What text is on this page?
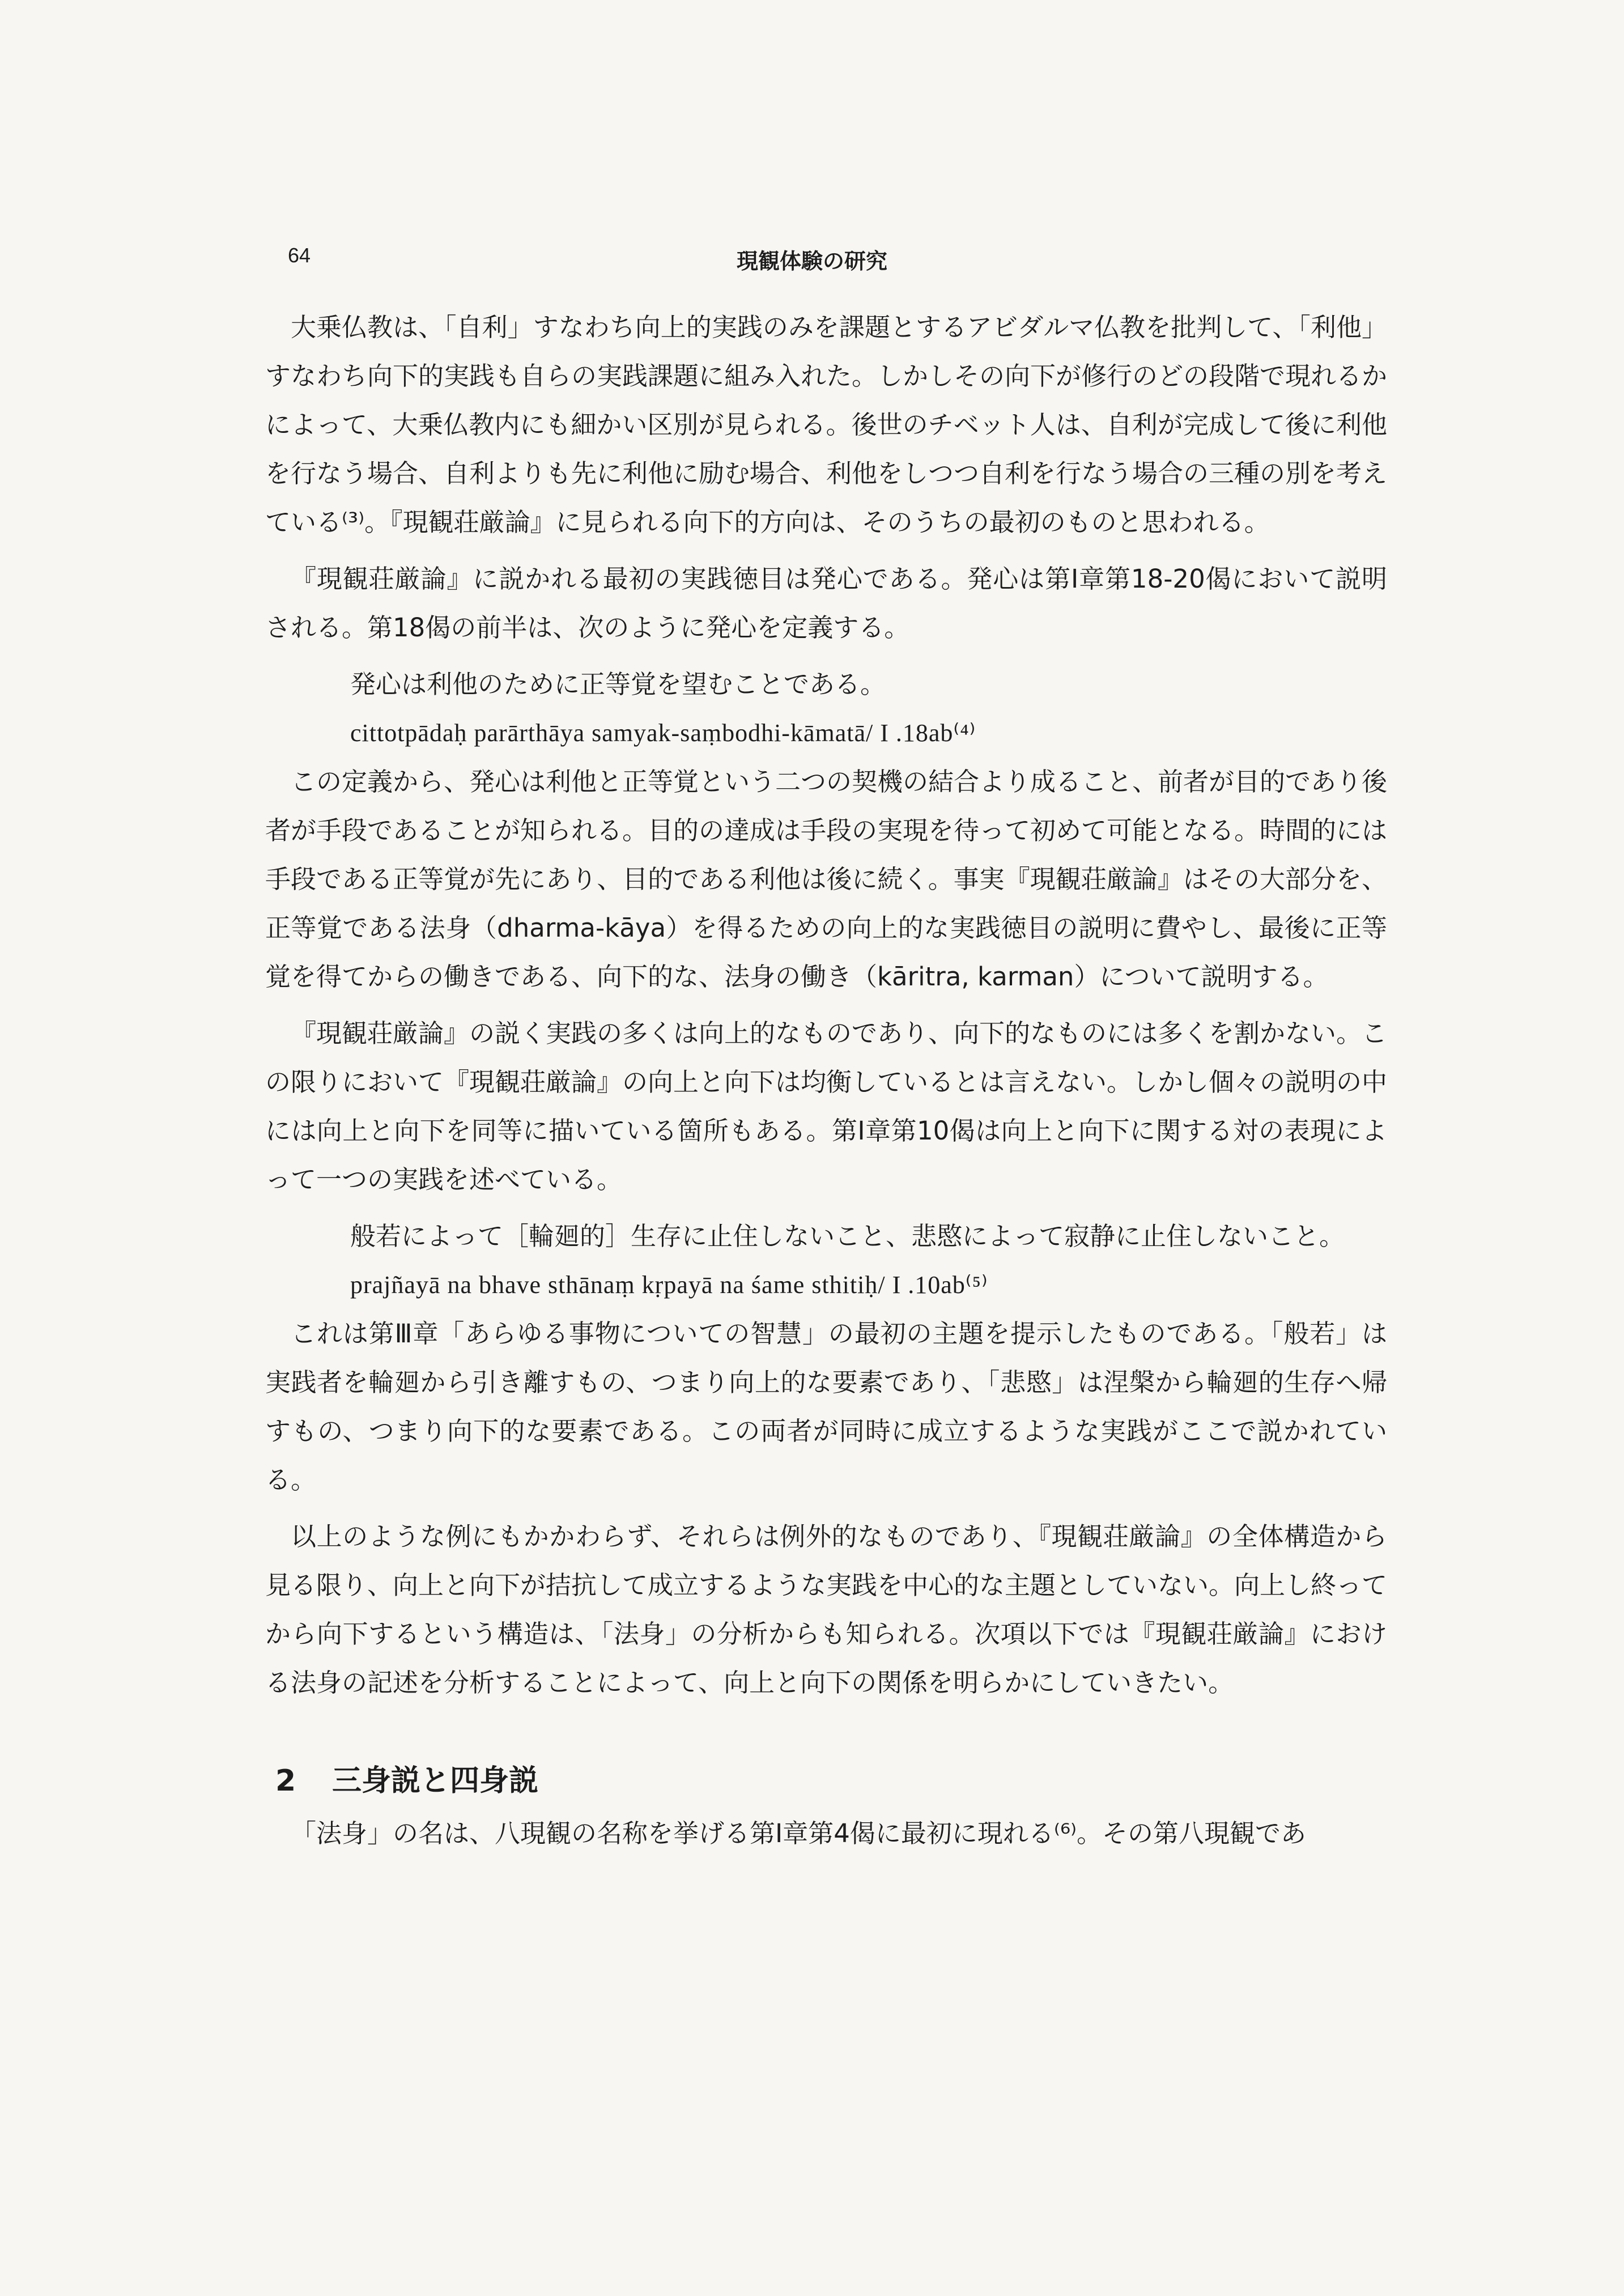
64	現観体験の研究

大乗仏教は、「自利」すなわち向上的実践のみを課題とするアビダルマ仏教を批判して、「利他」すなわち向下的実践も自らの実践課題に組み入れた。しかしその向下が修行のどの段階で現れるかによって、大乗仏教内にも細かい区別が見られる。後世のチベット人は、自利が完成して後に利他を行なう場合、自利よりも先に利他に励む場合、利他をしつつ自利を行なう場合の三種の別を考えている⁽³⁾。『現観荘厳論』に見られる向下的方向は、そのうちの最初のものと思われる。

『現観荘厳論』に説かれる最初の実践徳目は発心である。発心は第Ⅰ章第18-20偈において説明される。第18偈の前半は、次のように発心を定義する。

発心は利他のために正等覚を望むことである。

cittotpādaḥ parārthāya samyak-saṃbodhi-kāmatā/ I .18ab⁽⁴⁾

この定義から、発心は利他と正等覚という二つの契機の結合より成ること、前者が目的であり後者が手段であることが知られる。目的の達成は手段の実現を待って初めて可能となる。時間的には手段である正等覚が先にあり、目的である利他は後に続く。事実『現観荘厳論』はその大部分を、正等覚である法身（dharma-kāya）を得るための向上的な実践徳目の説明に費やし、最後に正等覚を得てからの働きである、向下的な、法身の働き（kāritra, karman）について説明する。

『現観荘厳論』の説く実践の多くは向上的なものであり、向下的なものには多くを割かない。この限りにおいて『現観荘厳論』の向上と向下は均衡しているとは言えない。しかし個々の説明の中には向上と向下を同等に描いている箇所もある。第Ⅰ章第10偈は向上と向下に関する対の表現によって一つの実践を述べている。

般若によって［輪廻的］生存に止住しないこと、悲愍によって寂静に止住しないこと。

prajñayā na bhave sthānaṃ kṛpayā na śame sthitiḥ/ I .10ab⁽⁵⁾

これは第Ⅲ章「あらゆる事物についての智慧」の最初の主題を提示したものである。「般若」は実践者を輪廻から引き離すもの、つまり向上的な要素であり、「悲愍」は涅槃から輪廻的生存へ帰すもの、つまり向下的な要素である。この両者が同時に成立するような実践がここで説かれている。

以上のような例にもかかわらず、それらは例外的なものであり、『現観荘厳論』の全体構造から見る限り、向上と向下が拮抗して成立するような実践を中心的な主題としていない。向上し終ってから向下するという構造は、「法身」の分析からも知られる。次項以下では『現観荘厳論』における法身の記述を分析することによって、向上と向下の関係を明らかにしていきたい。

2 三身説と四身説

「法身」の名は、八現観の名称を挙げる第Ⅰ章第4偈に最初に現れる⁽⁶⁾。その第八現観であ
